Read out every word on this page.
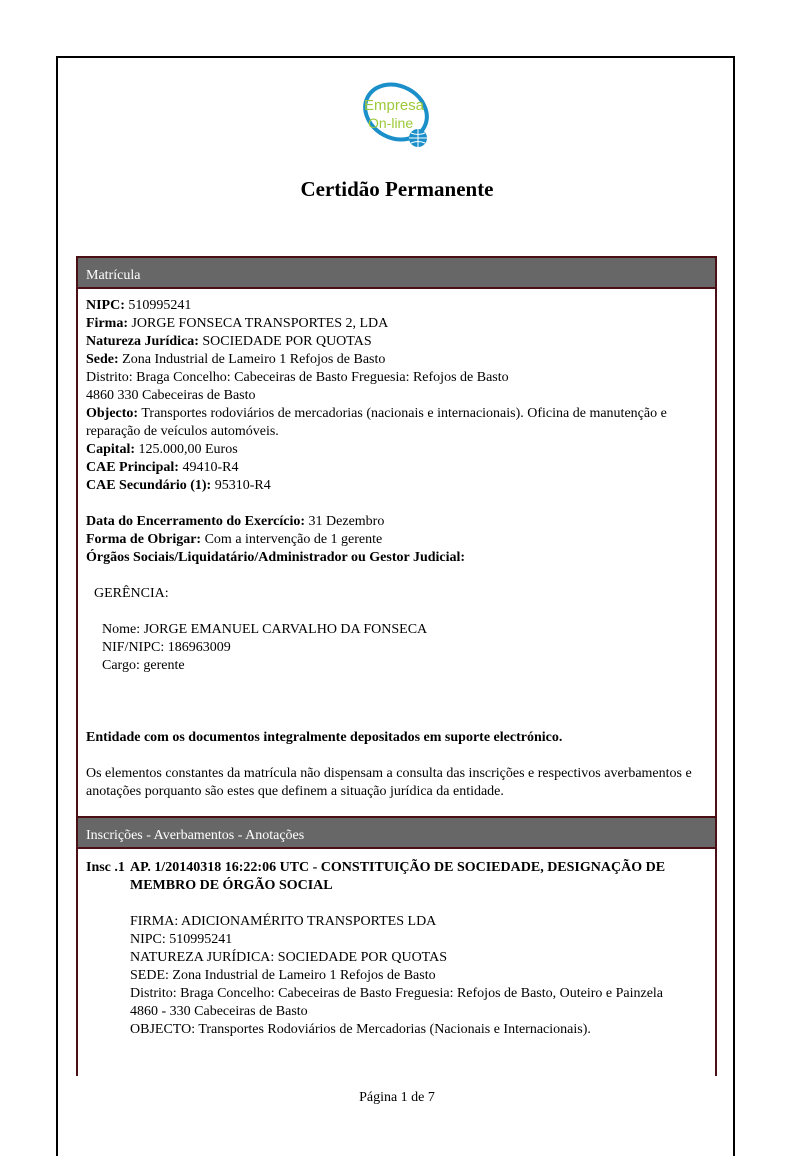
Empresa
On-line
Certidão Permanente
Matrícula
NIPC: 510995241
Firma: JORGE FONSECA TRANSPORTES 2, LDA
Natureza Jurídica: SOCIEDADE POR QUOTAS
Sede: Zona Industrial de Lameiro 1 Refojos de Basto
Distrito: Braga Concelho: Cabeceiras de Basto Freguesia: Refojos de Basto
4860 330 Cabeceiras de Basto
Objecto: Transportes rodoviários de mercadorias (nacionais e internacionais). Oficina de manutenção e reparação de veículos automóveis.
Capital: 125.000,00 Euros
CAE Principal: 49410-R4
CAE Secundário (1): 95310-R4
Data do Encerramento do Exercício: 31 Dezembro
Forma de Obrigar: Com a intervenção de 1 gerente
Órgãos Sociais/Liquidatário/Administrador ou Gestor Judicial:
GERÊNCIA:
Nome: JORGE EMANUEL CARVALHO DA FONSECA
NIF/NIPC: 186963009
Cargo: gerente
Entidade com os documentos integralmente depositados em suporte electrónico.
Os elementos constantes da matrícula não dispensam a consulta das inscrições e respectivos averbamentos e anotações porquanto são estes que definem a situação jurídica da entidade.
Inscrições - Averbamentos - Anotações
Insc .1 AP. 1/20140318 16:22:06 UTC - CONSTITUIÇÃO DE SOCIEDADE, DESIGNAÇÃO DE MEMBRO DE ÓRGÃO SOCIAL
FIRMA: ADICIONAMÉRITO TRANSPORTES LDA
NIPC: 510995241
NATUREZA JURÍDICA: SOCIEDADE POR QUOTAS
SEDE: Zona Industrial de Lameiro 1 Refojos de Basto
Distrito: Braga Concelho: Cabeceiras de Basto Freguesia: Refojos de Basto, Outeiro e Painzela
4860 - 330 Cabeceiras de Basto
OBJECTO: Transportes Rodoviários de Mercadorias (Nacionais e Internacionais).
Página 1 de 7
